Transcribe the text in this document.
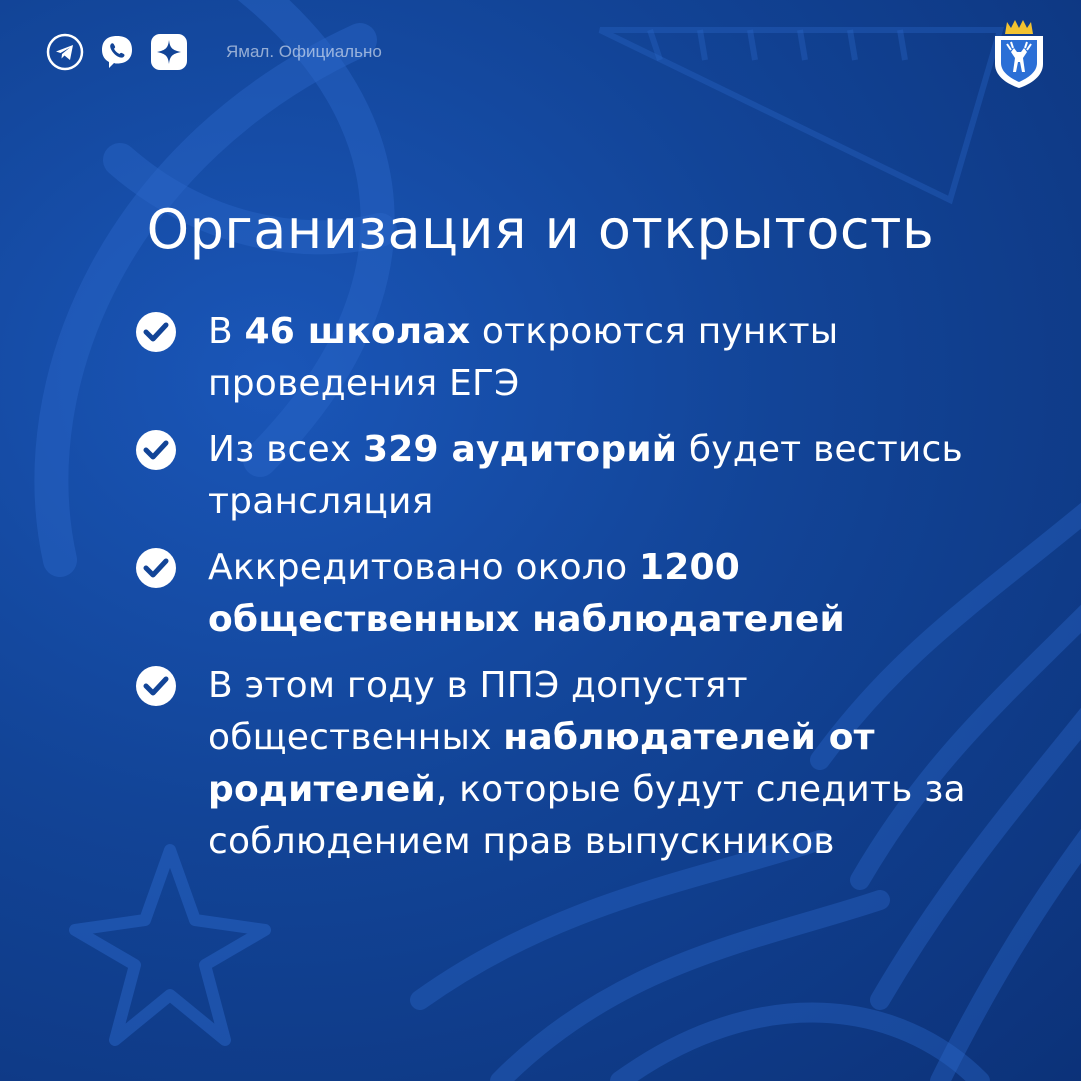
Ямал. Официально
Организация и открытость
В 46 школах откроются пункты проведения ЕГЭ
Из всех 329 аудиторий будет вестись трансляция
Аккредитовано около 1200 общественных наблюдателей
В этом году в ППЭ допустят общественных наблюдателей от родителей, которые будут следить за соблюдением прав выпускников
